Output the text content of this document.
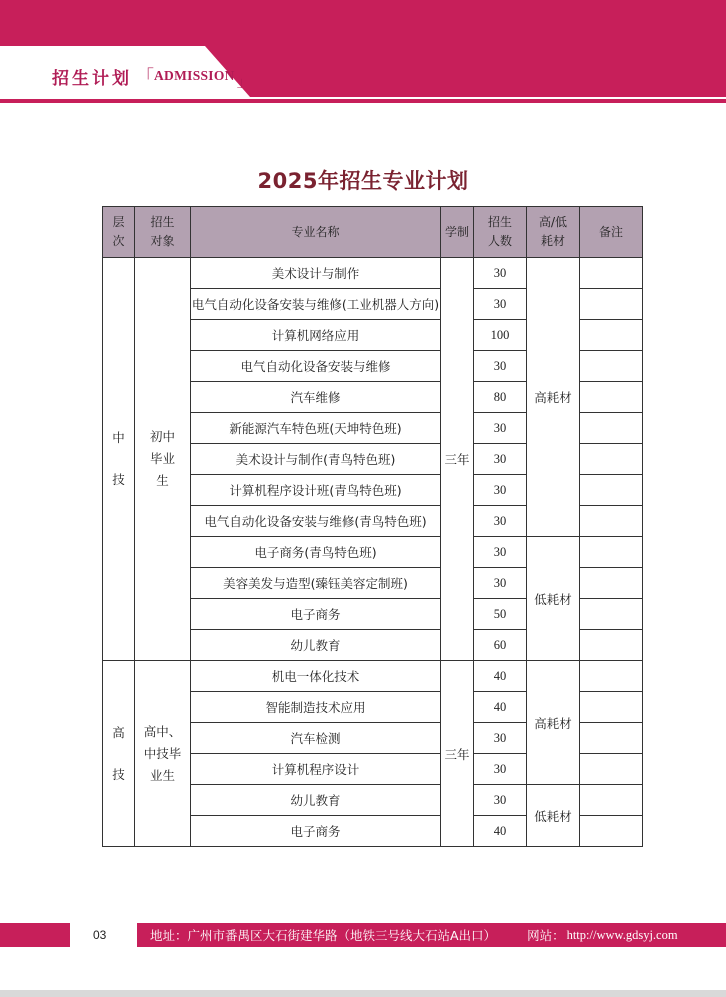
招生计划 「 ADMISSION 」
2025年招生专业计划
层次	招生对象	专业名称	学制	招生人数	高/低耗材	备注
中技	初中毕业生	美术设计与制作	三年	30	高耗材	
		电气自动化设备安装与维修(工业机器人方向)		30		
		计算机网络应用		100		
		电气自动化设备安装与维修		30		
		汽车维修		80		
		新能源汽车特色班(天坤特色班)		30		
		美术设计与制作(青鸟特色班)		30		
		计算机程序设计班(青鸟特色班)		30		
		电气自动化设备安装与维修(青鸟特色班)		30		
		电子商务(青鸟特色班)		30	低耗材	
		美容美发与造型(臻钰美容定制班)		30		
		电子商务		50		
		幼儿教育		60		
高技	高中、中技毕业生	机电一体化技术	三年	40	高耗材	
		智能制造技术应用		40		
		汽车检测		30		
		计算机程序设计		30		
		幼儿教育		30	低耗材	
		电子商务		40		
03	地址：广州市番禺区大石街建华路（地铁三号线大石站A出口） 网站： http://www.gdsyj.com
